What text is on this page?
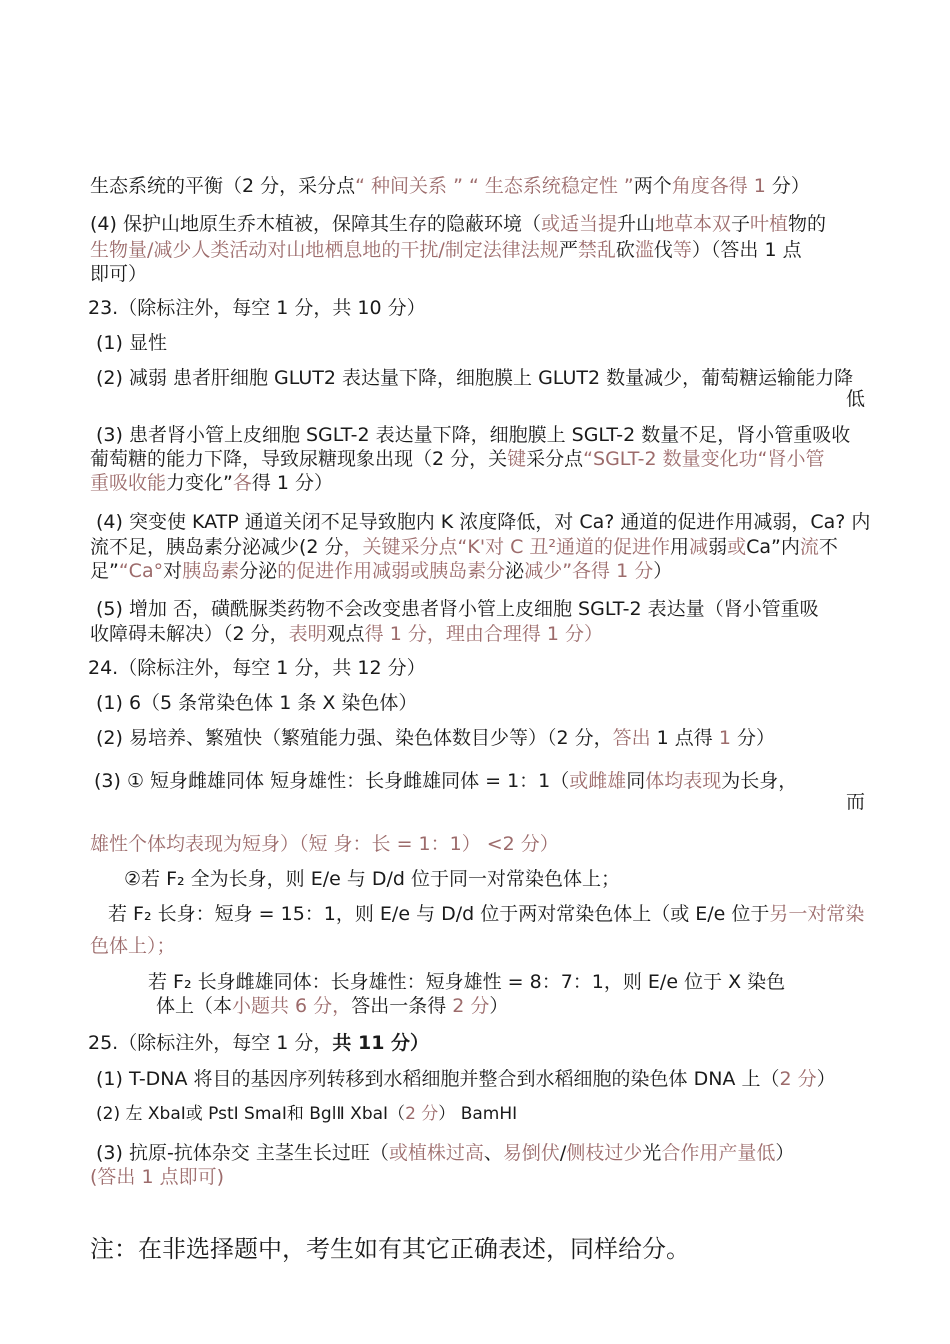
生态系统的平衡（2 分，采分点“ 种间关系 ” “ 生态系统稳定性 ”两个角度各得 1 分）
(4) 保护山地原生乔木植被，保障其生存的隐蔽环境（或适当提升山地草本双子叶植物的
生物量/减少人类活动对山地栖息地的干扰/制定法律法规严禁乱砍滥伐等）（答出 1 点
即可）
23.（除标注外，每空 1 分，共 10 分）
(1) 显性
(2) 减弱 患者肝细胞 GLUT2 表达量下降，细胞膜上 GLUT2 数量减少，葡萄糖运输能力降
低
(3) 患者肾小管上皮细胞 SGLT-2 表达量下降，细胞膜上 SGLT-2 数量不足，肾小管重吸收
葡萄糖的能力下降，导致尿糖现象出现（2 分，关键采分点“SGLT-2 数量变化功“肾小管
重吸收能力变化”各得 1 分）
(4) 突变使 KATP 通道关闭不足导致胞内 K 浓度降低，对 Ca? 通道的促进作用减弱，Ca? 内
流不足，胰岛素分泌减少(2 分，关键采分点“K'对 C 丑²通道的促进作用减弱或Ca”内流不
足”“Ca°对胰岛素分泌的促进作用减弱或胰岛素分泌减少”各得 1 分）
(5) 增加 否，磺酰脲类药物不会改变患者肾小管上皮细胞 SGLT-2 表达量（肾小管重吸
收障碍未解决）（2 分，表明观点得 1 分，理由合理得 1 分）
24.（除标注外，每空 1 分，共 12 分）
(1) 6（5 条常染色体 1 条 X 染色体）
(2) 易培养、繁殖快（繁殖能力强、染色体数目少等）（2 分，答出 1 点得 1 分）
(3) ① 短身雌雄同体 短身雄性：长身雌雄同体 = 1：1（或雌雄同体均表现为长身，
而
雄性个体均表现为短身）（短 身：长 = 1：1） <2 分）
②若 F₂ 全为长身，则 E/e 与 D/d 位于同一对常染色体上；
若 F₂ 长身：短身 = 15：1，则 E/e 与 D/d 位于两对常染色体上（或 E/e 位于另一对常染
色体上）；
若 F₂ 长身雌雄同体：长身雄性：短身雄性 = 8：7：1，则 E/e 位于 X 染色
体上（本小题共 6 分，答出一条得 2 分）
25.（除标注外，每空 1 分，共 11 分）
(1) T-DNA 将目的基因序列转移到水稻细胞并整合到水稻细胞的染色体 DNA 上（2 分）
(2) 左 XbaⅠ或 PstⅠ SmaⅠ和 BglⅡ XbaⅠ（2 分） BamHⅠ
(3) 抗原-抗体杂交 主茎生长过旺（或植株过高、易倒伏/侧枝过少光合作用产量低）
(答出 1 点即可)
注：在非选择题中，考生如有其它正确表述，同样给分。
